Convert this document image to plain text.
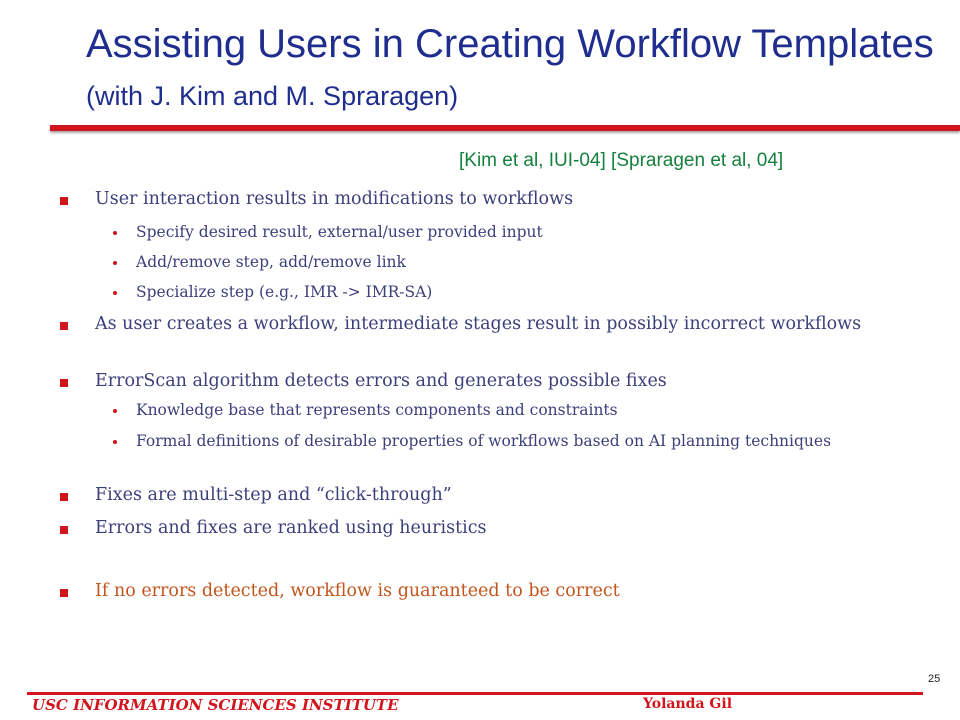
Assisting Users in Creating Workflow Templates (with J. Kim and M. Spraragen)
[Kim et al, IUI-04] [Spraragen et al, 04]
User interaction results in modifications to workflows
Specify desired result, external/user provided input
Add/remove step, add/remove link
Specialize step (e.g., IMR -> IMR-SA)
As user creates a workflow, intermediate stages result in possibly incorrect workflows
ErrorScan algorithm detects errors and generates possible fixes
Knowledge base that represents components and constraints
Formal definitions of desirable properties of workflows based on AI planning techniques
Fixes are multi-step and “click-through”
Errors and fixes are ranked using heuristics
If no errors detected, workflow is guaranteed to be correct
25
USC INFORMATION SCIENCES INSTITUTE	Yolanda Gil
